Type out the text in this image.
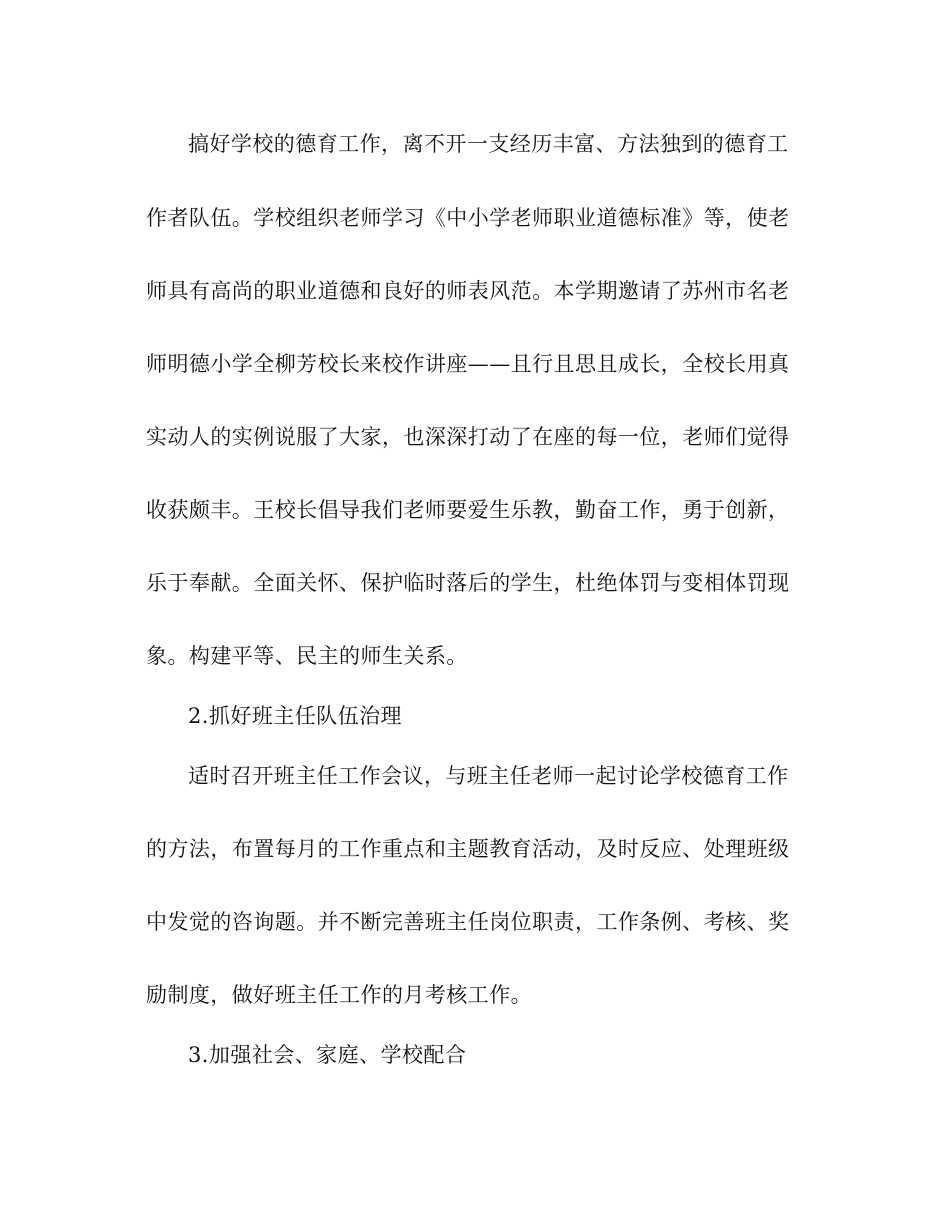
搞好学校的德育工作，离不开一支经历丰富、方法独到的德育工
作者队伍。学校组织老师学习《中小学老师职业道德标准》等，使老
师具有高尚的职业道德和良好的师表风范。本学期邀请了苏州市名老
师明德小学全柳芳校长来校作讲座——且行且思且成长，全校长用真
实动人的实例说服了大家，也深深打动了在座的每一位，老师们觉得
收获颇丰。王校长倡导我们老师要爱生乐教，勤奋工作，勇于创新，
乐于奉献。全面关怀、保护临时落后的学生，杜绝体罚与变相体罚现
象。构建平等、民主的师生关系。
2.抓好班主任队伍治理
适时召开班主任工作会议，与班主任老师一起讨论学校德育工作
的方法，布置每月的工作重点和主题教育活动，及时反应、处理班级
中发觉的咨询题。并不断完善班主任岗位职责，工作条例、考核、奖
励制度，做好班主任工作的月考核工作。
3.加强社会、家庭、学校配合
